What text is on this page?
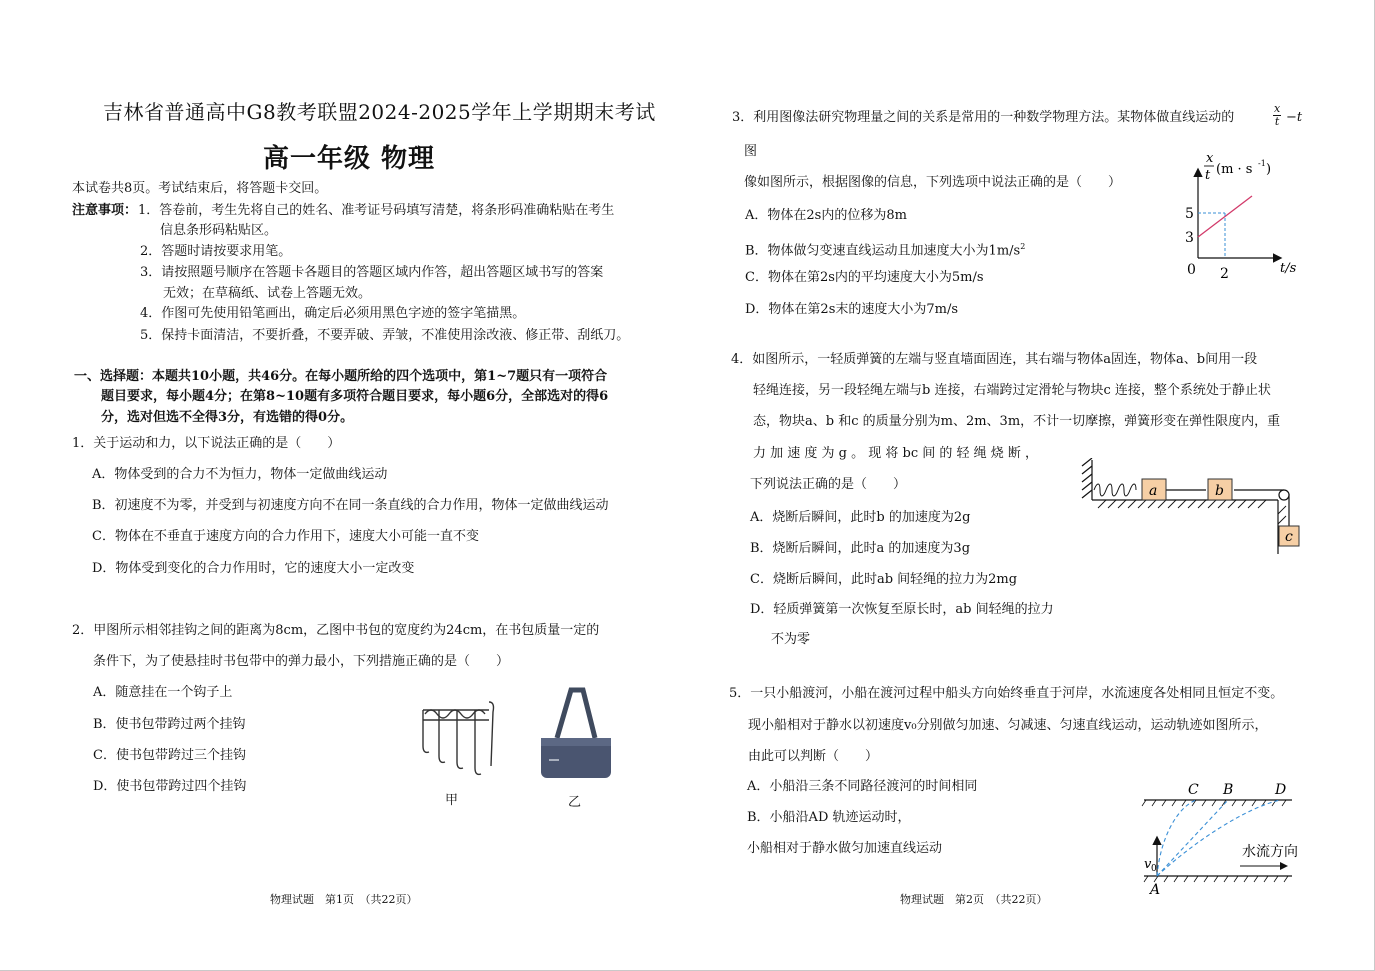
吉林省普通高中G8教考联盟2024-2025学年上学期期末考试
高一年级 物理
本试卷共8页。考试结束后，将答题卡交回。
注意事项： 1．答卷前，考生先将自己的姓名、准考证号码填写清楚，将条形码准确粘贴在考生
信息条形码粘贴区。
2．答题时请按要求用笔。
3．请按照题号顺序在答题卡各题目的答题区域内作答，超出答题区域书写的答案
无效；在草稿纸、试卷上答题无效。
4．作图可先使用铅笔画出，确定后必须用黑色字迹的签字笔描黑。
5．保持卡面清洁，不要折叠，不要弄破、弄皱，不准使用涂改液、修正带、刮纸刀。
一、选择题：本题共10小题，共46分。在每小题所给的四个选项中，第1~7题只有一项符合
题目要求，每小题4分；在第8~10题有多项符合题目要求，每小题6分，全部选对的得6
分，选对但选不全得3分，有选错的得0分。
1．关于运动和力，以下说法正确的是（　　）
A．物体受到的合力不为恒力，物体一定做曲线运动
B．初速度不为零，并受到与初速度方向不在同一条直线的合力作用，物体一定做曲线运动
C．物体在不垂直于速度方向的合力作用下，速度大小可能一直不变
D．物体受到变化的合力作用时，它的速度大小一定改变
2．甲图所示相邻挂钩之间的距离为8cm，乙图中书包的宽度约为24cm，在书包质量一定的
条件下，为了使悬挂时书包带中的弹力最小，下列措施正确的是（　　）
A．随意挂在一个钩子上
B．使书包带跨过两个挂钩
C．使书包带跨过三个挂钩
D．使书包带跨过四个挂钩
甲	乙
物理试题　第1页　（共22页）
3．利用图像法研究物理量之间的关系是常用的一种数学物理方法。某物体做直线运动的
x
t −t
图
像如图所示，根据图像的信息，下列选项中说法正确的是（　　）
A．物体在2s内的位移为8m
B．物体做匀变速直线运动且加速度大小为$1m/s^2$
C．物体在第2s内的平均速度大小为5m/s
D．物体在第2s末的速度大小为7m/s
x
t (m · s -1 )
5
3
0 2	t/s
4．如图所示，一轻质弹簧的左端与竖直墙面固连，其右端与物体a固连，物体a、b间用一段
轻绳连接，另一段轻绳左端与b 连接，右端跨过定滑轮与物块c 连接，整个系统处于静止状
态，物块a、b 和c 的质量分别为m、2m、3m，不计一切摩擦，弹簧形变在弹性限度内，重
力 加 速 度 为 g 。 现 将 bc 间 的 轻 绳 烧 断 ，
下列说法正确的是（　　）
A．烧断后瞬间，此时b 的加速度为2g
B．烧断后瞬间，此时a 的加速度为3g
C．烧断后瞬间，此时ab 间轻绳的拉力为2mg
D．轻质弹簧第一次恢复至原长时，ab 间轻绳的拉力
不为零
a	b
c
5．一只小船渡河，小船在渡河过程中船头方向始终垂直于河岸，水流速度各处相同且恒定不变。
现小船相对于静水以初速度v₀分别做匀加速、匀减速、匀速直线运动，运动轨迹如图所示，
由此可以判断（　　）
A．小船沿三条不同路径渡河的时间相同
B．小船沿AD 轨迹运动时，
小船相对于静水做匀加速直线运动
C B	D
A
v 0
水流方向
物理试题　第2页　（共22页）
